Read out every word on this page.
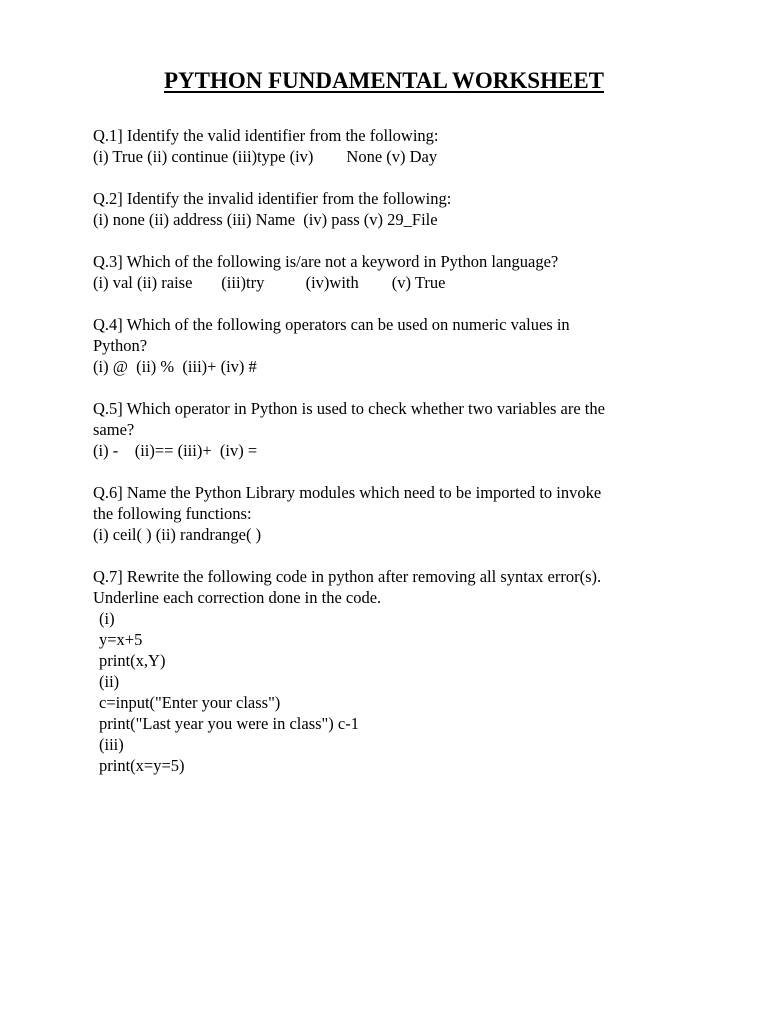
PYTHON FUNDAMENTAL WORKSHEET
Q.1] Identify the valid identifier from the following:
(i) True (ii) continue (iii)type (iv)        None (v) Day
Q.2] Identify the invalid identifier from the following:
(i) none (ii) address (iii) Name  (iv) pass (v) 29_File
Q.3] Which of the following is/are not a keyword in Python language?
(i) val (ii) raise       (iii)try          (iv)with        (v) True
Q.4] Which of the following operators can be used on numeric values in
Python?
(i) @  (ii) %  (iii)+ (iv) #
Q.5] Which operator in Python is used to check whether two variables are the
same?
(i) -    (ii)== (iii)+  (iv) =
Q.6] Name the Python Library modules which need to be imported to invoke
the following functions:
(i) ceil( ) (ii) randrange( )
Q.7] Rewrite the following code in python after removing all syntax error(s).
Underline each correction done in the code.
(i)
y=x+5
print(x,Y)
(ii)
c=input("Enter your class")
print("Last year you were in class") c-1
(iii)
print(x=y=5)
